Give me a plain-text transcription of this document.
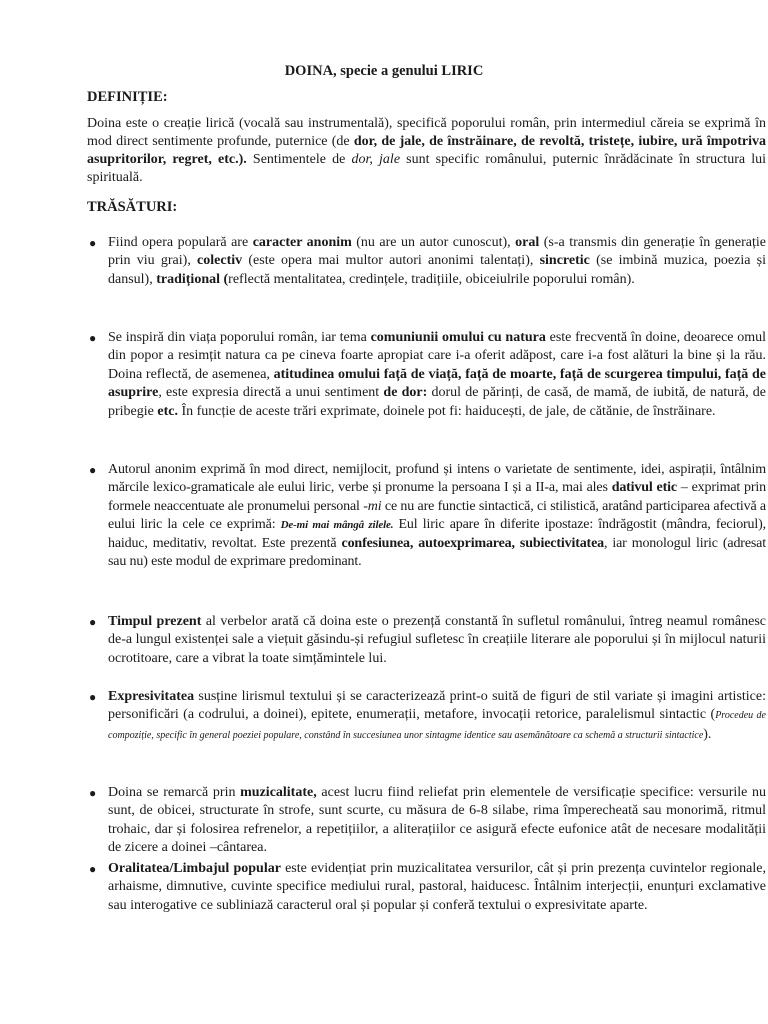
DOINA, specie a genului LIRIC
DEFINIȚIE:
Doina este o creație lirică (vocală sau instrumentală), specifică poporului român, prin intermediul căreia se exprimă în mod direct sentimente profunde, puternice (de dor, de jale, de înstrăinare, de revoltă, tristețe, iubire, ură împotriva asupritorilor, regret, etc.). Sentimentele de dor, jale sunt specific românului, puternic înrădăcinate în structura lui spirituală.
TRĂSĂTURI:
● Fiind opera populară are caracter anonim (nu are un autor cunoscut), oral (s-a transmis din generație în generație prin viu grai), colectiv (este opera mai multor autori anonimi talentați), sincretic (se imbină muzica, poezia și dansul), tradițional (reflectă mentalitatea, credințele, tradițiile, obiceiulrile poporului român).
● Se inspiră din viața poporului român, iar tema comuniunii omului cu natura este frecventă în doine, deoarece omul din popor a resimțit natura ca pe cineva foarte apropiat care i-a oferit adăpost, care i-a fost alături la bine și la rău. Doina reflectă, de asemenea, atitudinea omului față de viață, față de moarte, față de scurgerea timpului, față de asuprire, este expresia directă a unui sentiment de dor: dorul de părinți, de casă, de mamă, de iubită, de natură, de pribegie etc. În funcție de aceste trări exprimate, doinele pot fi: haiducești, de jale, de cătănie, de înstrăinare.
● Autorul anonim exprimă în mod direct, nemijlocit, profund și intens o varietate de sentimente, idei, aspirații, întâlnim mărcile lexico-gramaticale ale eului liric, verbe și pronume la persoana I și a II-a, mai ales dativul etic – exprimat prin formele neaccentuate ale pronumelui personal -mi ce nu are functie sintactică, ci stilistică, aratând participarea afectivă a eului liric la cele ce exprimă: De-mi mai mângâ zilele. Eul liric apare în diferite ipostaze: îndrăgostit (mândra, feciorul), haiduc, meditativ, revoltat. Este prezentă confesiunea, autoexprimarea, subiectivitatea, iar monologul liric (adresat sau nu) este modul de exprimare predominant.
● Timpul prezent al verbelor arată că doina este o prezență constantă în sufletul românului, întreg neamul românesc de-a lungul existenței sale a viețuit găsindu-și refugiul sufletesc în creațiile literare ale poporului și în mijlocul naturii ocrotitoare, care a vibrat la toate simțămintele lui.
● Expresivitatea susține lirismul textului și se caracterizează print-o suită de figuri de stil variate și imagini artistice: personificări (a codrului, a doinei), epitete, enumerații, metafore, invocații retorice, paralelismul sintactic (Procedeu de compoziție, specific în general poeziei populare, constând în succesiunea unor sintagme identice sau asemănătoare ca schemă a structurii sintactice).
● Doina se remarcă prin muzicalitate, acest lucru fiind reliefat prin elementele de versificație specifice: versurile nu sunt, de obicei, structurate în strofe, sunt scurte, cu măsura de 6-8 silabe, rima împerecheată sau monorimă, ritmul trohaic, dar și folosirea refrenelor, a repetițiilor, a aliterațiilor ce asigură efecte eufonice atât de necesare modalității de zicere a doinei –cântarea.
● Oralitatea/Limbajul popular este evidențiat prin muzicalitatea versurilor, cât și prin prezența cuvintelor regionale, arhaisme, dimnutive, cuvinte specifice mediului rural, pastoral, haiducesc. Întâlnim interjecții, enunțuri exclamative sau interogative ce subliniază caracterul oral și popular și conferă textului o expresivitate aparte.
